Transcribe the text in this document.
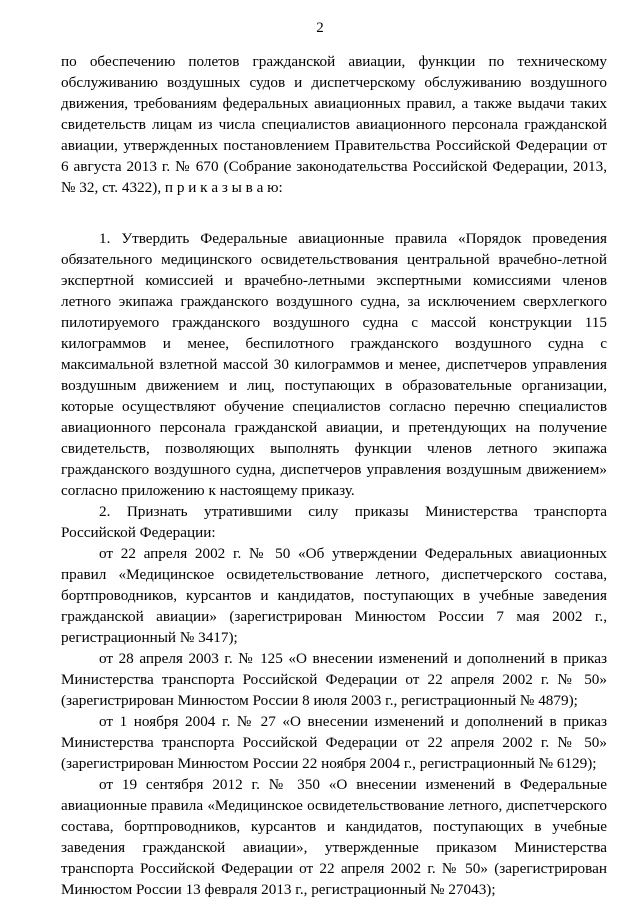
2

по обеспечению полетов гражданской авиации, функции по техническому обслуживанию воздушных судов и диспетчерскому обслуживанию воздушного движения, требованиям федеральных авиационных правил, а также выдачи таких свидетельств лицам из числа специалистов авиационного персонала гражданской авиации, утвержденных постановлением Правительства Российской Федерации от 6 августа 2013 г. № 670 (Собрание законодательства Российской Федерации, 2013, № 32, ст. 4322), п р и к а з ы в а ю:

1. Утвердить Федеральные авиационные правила «Порядок проведения обязательного медицинского освидетельствования центральной врачебно-летной экспертной комиссией и врачебно-летными экспертными комиссиями членов летного экипажа гражданского воздушного судна, за исключением сверхлегкого пилотируемого гражданского воздушного судна с массой конструкции 115 килограммов и менее, беспилотного гражданского воздушного судна с максимальной взлетной массой 30 килограммов и менее, диспетчеров управления воздушным движением и лиц, поступающих в образовательные организации, которые осуществляют обучение специалистов согласно перечню специалистов авиационного персонала гражданской авиации, и претендующих на получение свидетельств, позволяющих выполнять функции членов летного экипажа гражданского воздушного судна, диспетчеров управления воздушным движением» согласно приложению к настоящему приказу.

2. Признать утратившими силу приказы Министерства транспорта Российской Федерации:

от 22 апреля 2002 г. № 50 «Об утверждении Федеральных авиационных правил «Медицинское освидетельствование летного, диспетчерского состава, бортпроводников, курсантов и кандидатов, поступающих в учебные заведения гражданской авиации» (зарегистрирован Минюстом России 7 мая 2002 г., регистрационный № 3417);

от 28 апреля 2003 г. № 125 «О внесении изменений и дополнений в приказ Министерства транспорта Российской Федерации от 22 апреля 2002 г. № 50» (зарегистрирован Минюстом России 8 июля 2003 г., регистрационный № 4879);

от 1 ноября 2004 г. № 27 «О внесении изменений и дополнений в приказ Министерства транспорта Российской Федерации от 22 апреля 2002 г. № 50» (зарегистрирован Минюстом России 22 ноября 2004 г., регистрационный № 6129);

от 19 сентября 2012 г. № 350 «О внесении изменений в Федеральные авиационные правила «Медицинское освидетельствование летного, диспетчерского состава, бортпроводников, курсантов и кандидатов, поступающих в учебные заведения гражданской авиации», утвержденные приказом Министерства транспорта Российской Федерации от 22 апреля 2002 г. № 50» (зарегистрирован Минюстом России 13 февраля 2013 г., регистрационный № 27043);
